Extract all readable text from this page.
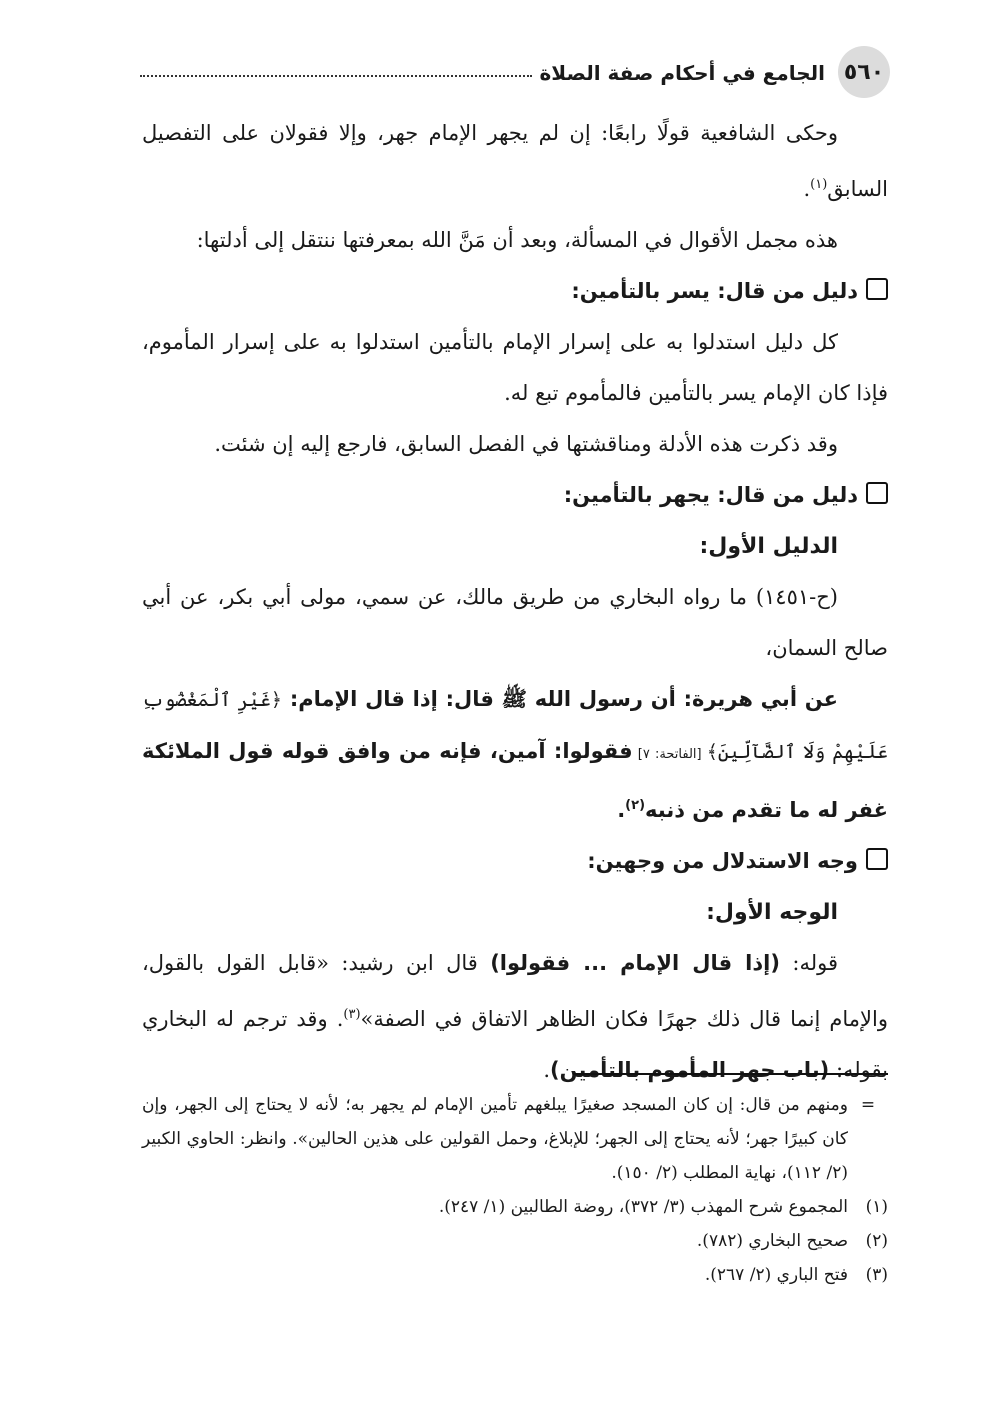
٥٦٠
الجامع في أحكام صفة الصلاة

وحكى الشافعية قولًا رابعًا: إن لم يجهر الإمام جهر، وإلا فقولان على التفصيل السابق$^{(١)}$.

هذه مجمل الأقوال في المسألة، وبعد أن مَنَّ الله بمعرفتها ننتقل إلى أدلتها:

دليل من قال: يسر بالتأمين:

كل دليل استدلوا به على إسرار الإمام بالتأمين استدلوا به على إسرار المأموم، فإذا كان الإمام يسر بالتأمين فالمأموم تبع له.

وقد ذكرت هذه الأدلة ومناقشتها في الفصل السابق، فارجع إليه إن شئت.

دليل من قال: يجهر بالتأمين:

الدليل الأول:

(ح-١٤٥١) ما رواه البخاري من طريق مالك، عن سمي، مولى أبي بكر، عن أبي صالح السمان،

عن أبي هريرة: أن رسول الله ﷺ قال: إذا قال الإمام: ﴿غَيْرِ ٱلْمَغْضُوبِ عَلَيْهِمْ وَلَا ٱلضَّآلِّينَ﴾ [الفاتحة: ٧] فقولوا: آمين، فإنه من وافق قوله قول الملائكة غفر له ما تقدم من ذنبه$^{(٢)}$.

وجه الاستدلال من وجهين:

الوجه الأول:

قوله: (إذا قال الإمام ... فقولوا) قال ابن رشيد: «قابل القول بالقول، والإمام إنما قال ذلك جهرًا فكان الظاهر الاتفاق في الصفة»$^{(٣)}$. وقد ترجم له البخاري بقوله: (باب جهر المأموم بالتأمين).

=
ومنهم من قال: إن كان المسجد صغيرًا يبلغهم تأمين الإمام لم يجهر به؛ لأنه لا يحتاج إلى الجهر، وإن كان كبيرًا جهر؛ لأنه يحتاج إلى الجهر؛ للإبلاغ، وحمل القولين على هذين الحالين». وانظر: الحاوي الكبير (٢/ ١١٢)، نهاية المطلب (٢/ ١٥٠).

(١)
المجموع شرح المهذب (٣/ ٣٧٢)، روضة الطالبين (١/ ٢٤٧).

(٢)
صحيح البخاري (٧٨٢).

(٣)
فتح الباري (٢/ ٢٦٧).
